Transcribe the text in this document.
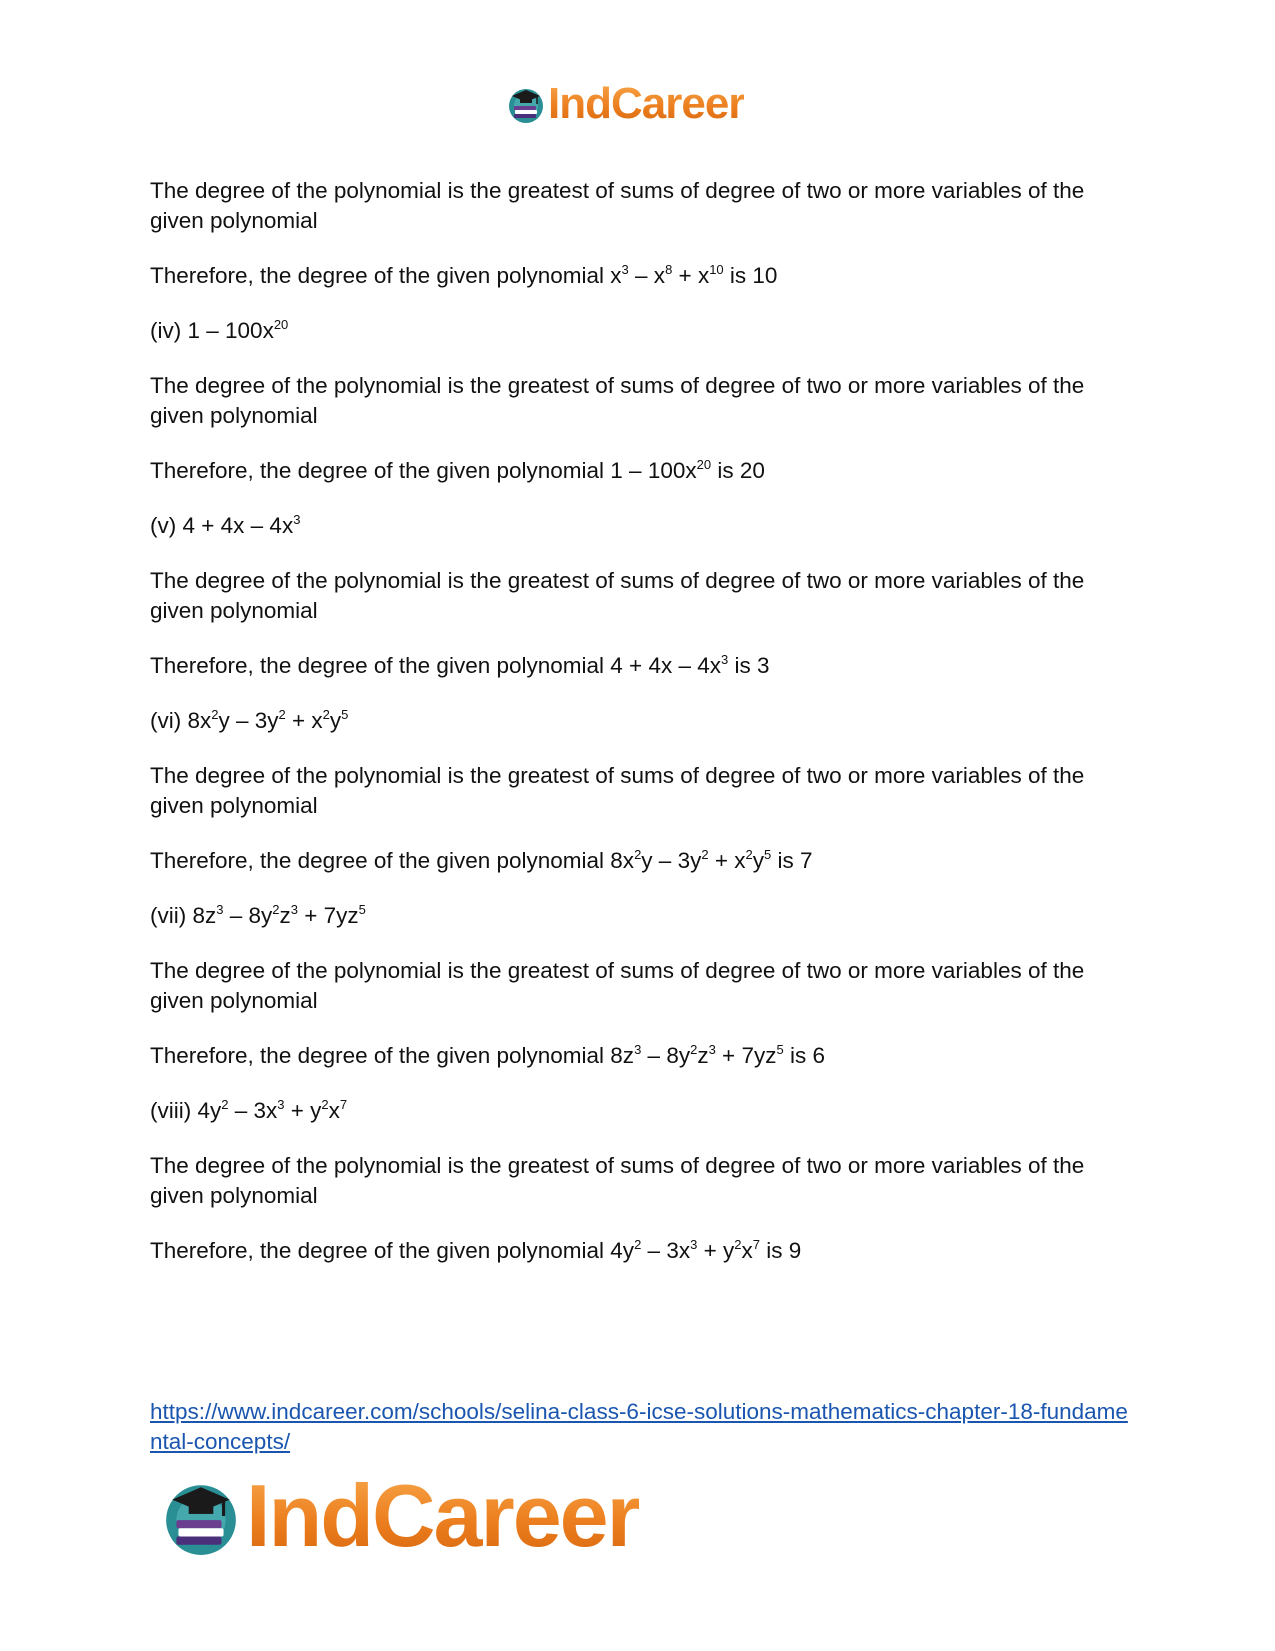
IndCareer

The degree of the polynomial is the greatest of sums of degree of two or more variables of the given polynomial

Therefore, the degree of the given polynomial $x^3 - x^8 + x^{10}$ is 10

(iv) $1 - 100x^{20}$

The degree of the polynomial is the greatest of sums of degree of two or more variables of the given polynomial

Therefore, the degree of the given polynomial $1 - 100x^{20}$ is 20

(v) $4 + 4x - 4x^3$

The degree of the polynomial is the greatest of sums of degree of two or more variables of the given polynomial

Therefore, the degree of the given polynomial $4 + 4x - 4x^3$ is 3

(vi) $8x^2y - 3y^2 + x^2y^5$

The degree of the polynomial is the greatest of sums of degree of two or more variables of the given polynomial

Therefore, the degree of the given polynomial $8x^2y - 3y^2 + x^2y^5$ is 7

(vii) $8z^3 - 8y^2z^3 + 7yz^5$

The degree of the polynomial is the greatest of sums of degree of two or more variables of the given polynomial

Therefore, the degree of the given polynomial $8z^3 - 8y^2z^3 + 7yz^5$ is 6

(viii) $4y^2 - 3x^3 + y^2x^7$

The degree of the polynomial is the greatest of sums of degree of two or more variables of the given polynomial

Therefore, the degree of the given polynomial $4y^2 - 3x^3 + y^2x^7$ is 9

https://www.indcareer.com/schools/selina-class-6-icse-solutions-mathematics-chapter-18-fundamental-concepts/
IndCareer
